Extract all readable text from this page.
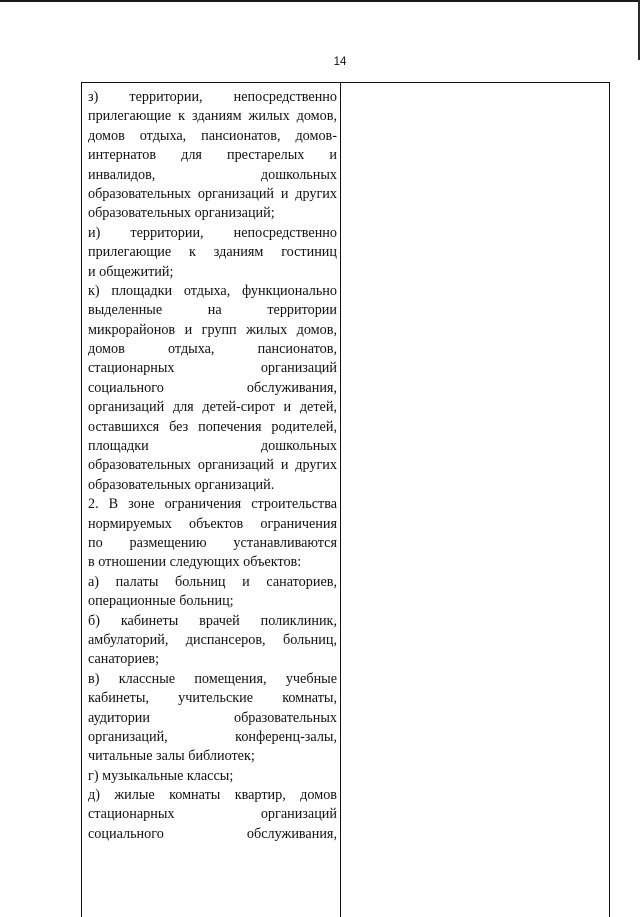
14
з) территории, непосредственно
прилегающие к зданиям жилых домов,
домов отдыха, пансионатов, домов-
интернатов для престарелых и
инвалидов, дошкольных
образовательных организаций и других
образовательных организаций;
и) территории, непосредственно
прилегающие к зданиям гостиниц
и общежитий;
к) площадки отдыха, функционально
выделенные на территории
микрорайонов и групп жилых домов,
домов отдыха, пансионатов,
стационарных организаций
социального обслуживания,
организаций для детей-сирот и детей,
оставшихся без попечения родителей,
площадки дошкольных
образовательных организаций и других
образовательных организаций.
2. В зоне ограничения строительства
нормируемых объектов ограничения
по размещению устанавливаются
в отношении следующих объектов:
а) палаты больниц и санаториев,
операционные больниц;
б) кабинеты врачей поликлиник,
амбулаторий, диспансеров, больниц,
санаториев;
в) классные помещения, учебные
кабинеты, учительские комнаты,
аудитории образовательных
организаций, конференц-залы,
читальные залы библиотек;
г) музыкальные классы;
д) жилые комнаты квартир, домов
стационарных организаций
социального обслуживания,
